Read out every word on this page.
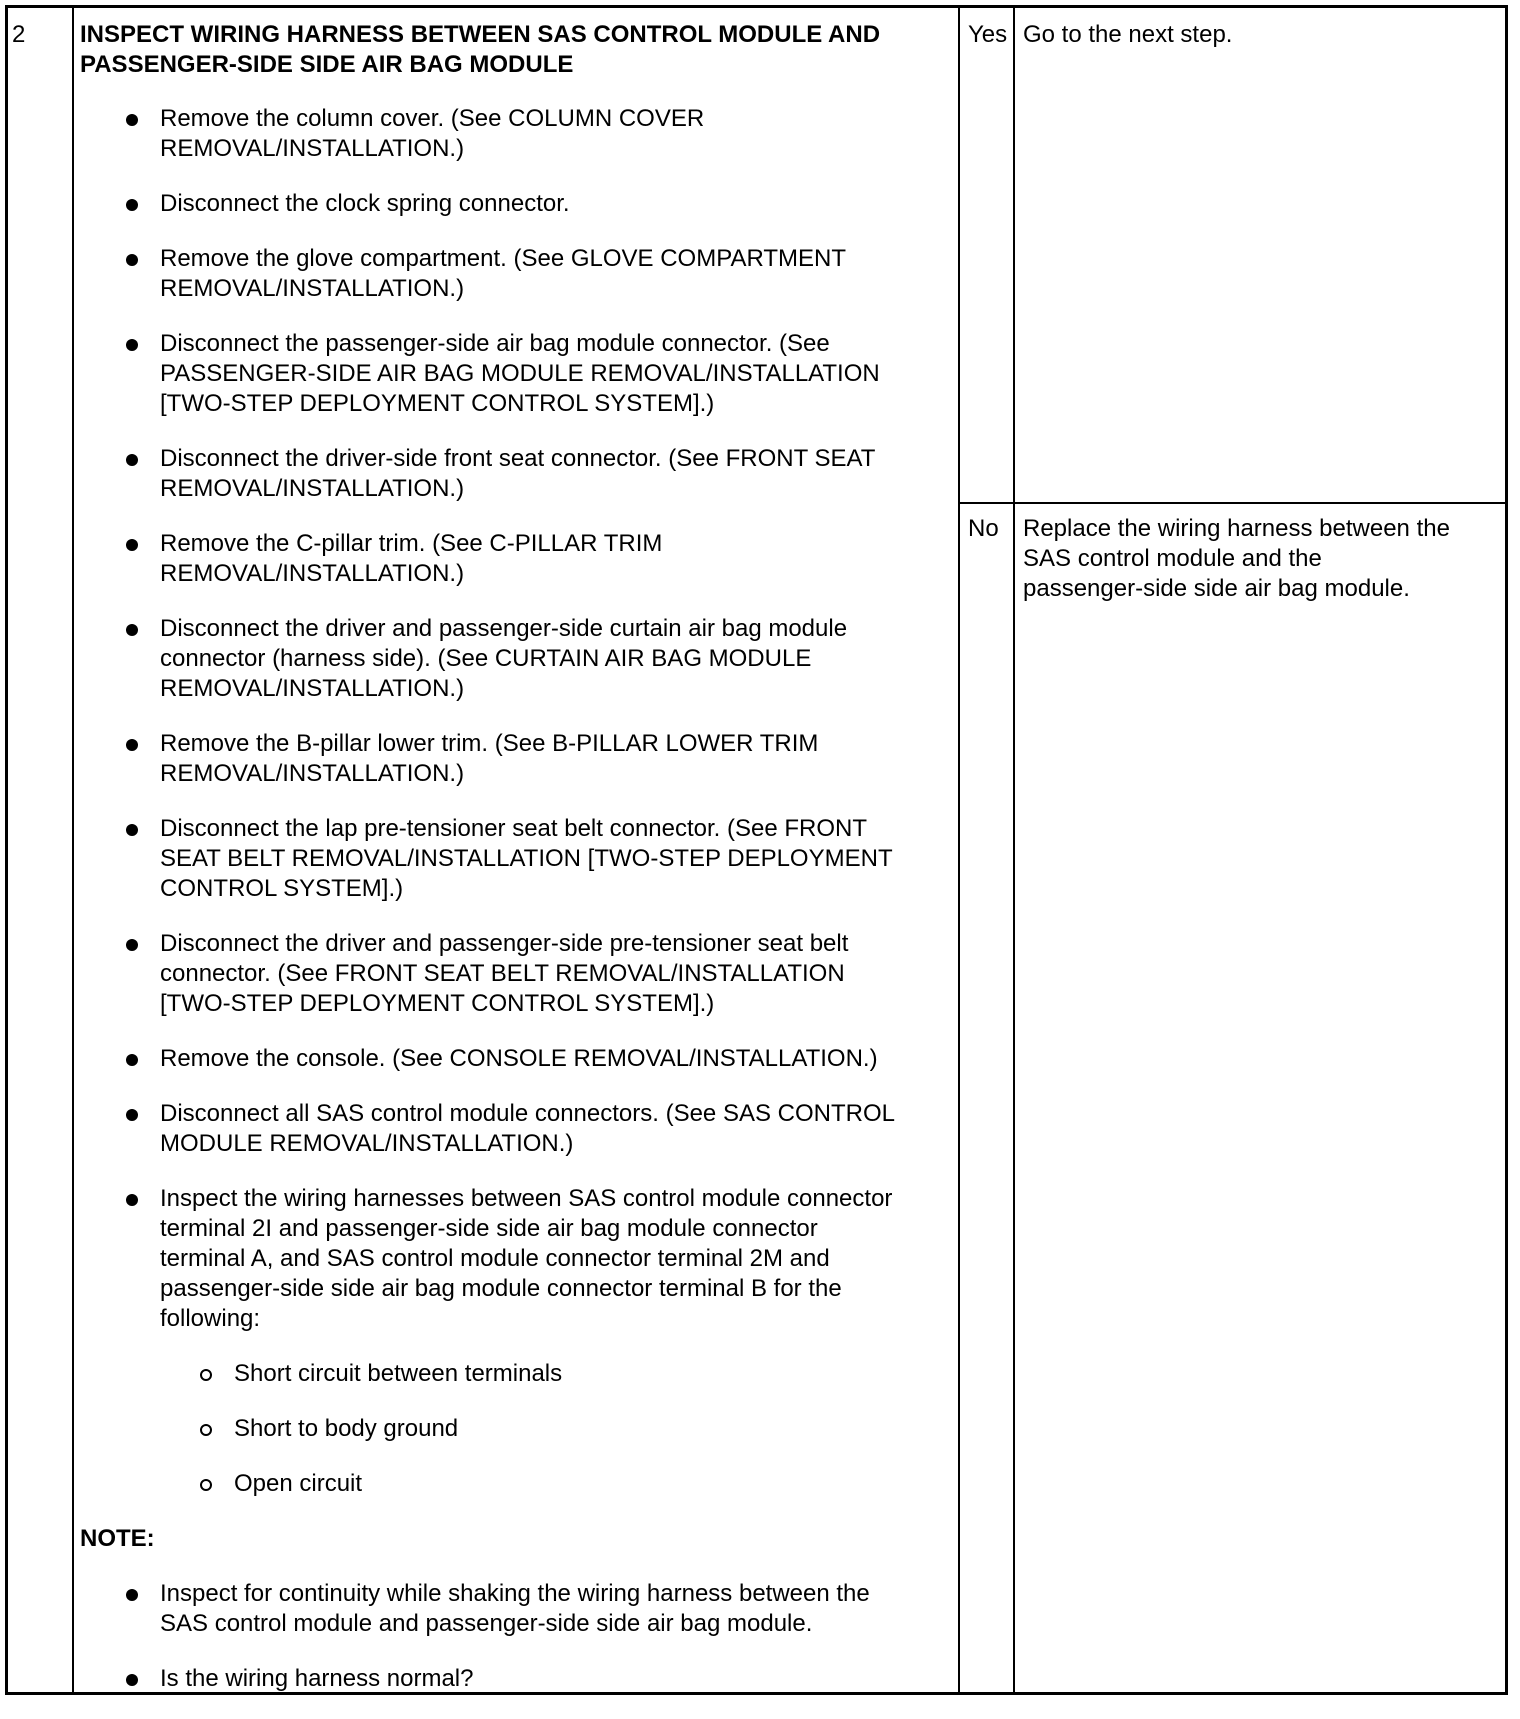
2 INSPECT WIRING HARNESS BETWEEN SAS CONTROL MODULE AND
PASSENGER-SIDE SIDE AIR BAG MODULE
Remove the column cover. (See COLUMN COVER
REMOVAL/INSTALLATION.)
Disconnect the clock spring connector.
Remove the glove compartment. (See GLOVE COMPARTMENT
REMOVAL/INSTALLATION.)
Disconnect the passenger-side air bag module connector. (See
PASSENGER-SIDE AIR BAG MODULE REMOVAL/INSTALLATION
[TWO-STEP DEPLOYMENT CONTROL SYSTEM].)
Disconnect the driver-side front seat connector. (See FRONT SEAT
REMOVAL/INSTALLATION.)
Remove the C-pillar trim. (See C-PILLAR TRIM
REMOVAL/INSTALLATION.)
Disconnect the driver and passenger-side curtain air bag module
connector (harness side). (See CURTAIN AIR BAG MODULE
REMOVAL/INSTALLATION.)
Remove the B-pillar lower trim. (See B-PILLAR LOWER TRIM
REMOVAL/INSTALLATION.)
Disconnect the lap pre-tensioner seat belt connector. (See FRONT
SEAT BELT REMOVAL/INSTALLATION [TWO-STEP DEPLOYMENT
CONTROL SYSTEM].)
Disconnect the driver and passenger-side pre-tensioner seat belt
connector. (See FRONT SEAT BELT REMOVAL/INSTALLATION
[TWO-STEP DEPLOYMENT CONTROL SYSTEM].)
Remove the console. (See CONSOLE REMOVAL/INSTALLATION.)
Disconnect all SAS control module connectors. (See SAS CONTROL
MODULE REMOVAL/INSTALLATION.)
Inspect the wiring harnesses between SAS control module connector
terminal 2I and passenger-side side air bag module connector
terminal A, and SAS control module connector terminal 2M and
passenger-side side air bag module connector terminal B for the
following:
Short circuit between terminals
Short to body ground
Open circuit
NOTE:
Inspect for continuity while shaking the wiring harness between the
SAS control module and passenger-side side air bag module.
Is the wiring harness normal?
Yes Go to the next step.
No Replace the wiring harness between the
SAS control module and the
passenger-side side air bag module.
